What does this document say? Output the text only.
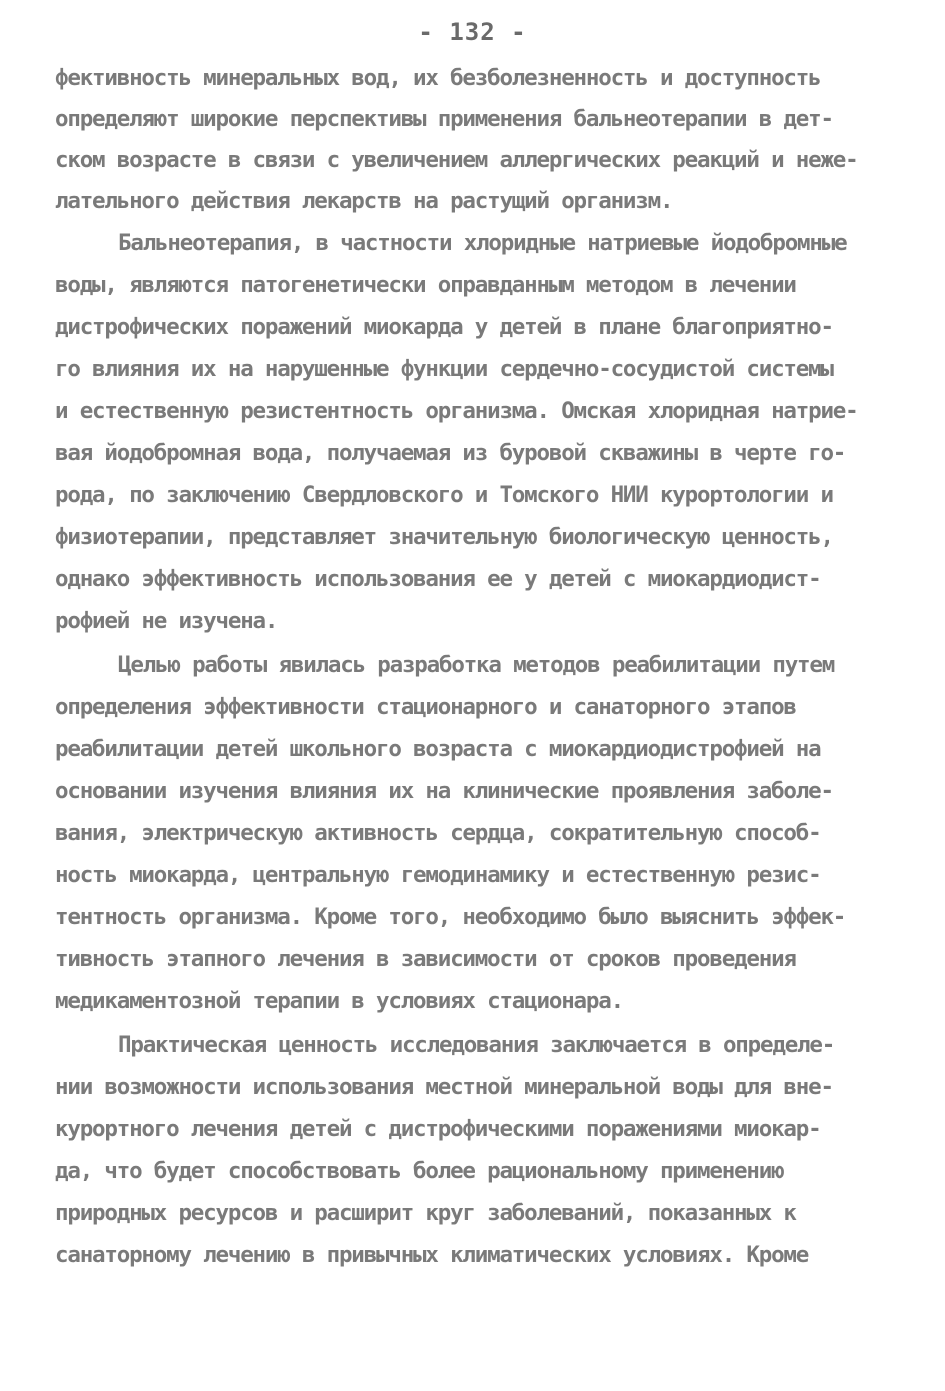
- 132 -
фективность минеральных вод, их безболезненность и доступность
определяют широкие перспективы применения бальнеотерапии в дет-
ском возрасте в связи с увеличением аллергических реакций и неже-
лательного действия лекарств на растущий организм.
Бальнеотерапия, в частности хлоридные натриевые йодобромные
воды, являются патогенетически оправданным методом в лечении
дистрофических поражений миокарда у детей в плане благоприятно-
го влияния их на нарушенные функции сердечно-сосудистой системы
и естественную резистентность организма. Омская хлоридная натрие-
вая йодобромная вода, получаемая из буровой скважины в черте го-
рода, по заключению Свердловского и Томского НИИ курортологии и
физиотерапии, представляет значительную биологическую ценность,
однако эффективность использования ее у детей с миокардиодист-
рофией не изучена.
Целью работы явилась разработка методов реабилитации путем
определения эффективности стационарного и санаторного этапов
реабилитации детей школьного возраста с миокардиодистрофией на
основании изучения влияния их на клинические проявления заболе-
вания, электрическую активность сердца, сократительную способ-
ность миокарда, центральную гемодинамику и естественную резис-
тентность организма. Кроме того, необходимо было выяснить эффек-
тивность этапного лечения в зависимости от сроков проведения
медикаментозной терапии в условиях стационара.
Практическая ценность исследования заключается в определе-
нии возможности использования местной минеральной воды для вне-
курортного лечения детей с дистрофическими поражениями миокар-
да, что будет способствовать более рациональному применению
природных ресурсов и расширит круг заболеваний, показанных к
санаторному лечению в привычных климатических условиях. Кроме
